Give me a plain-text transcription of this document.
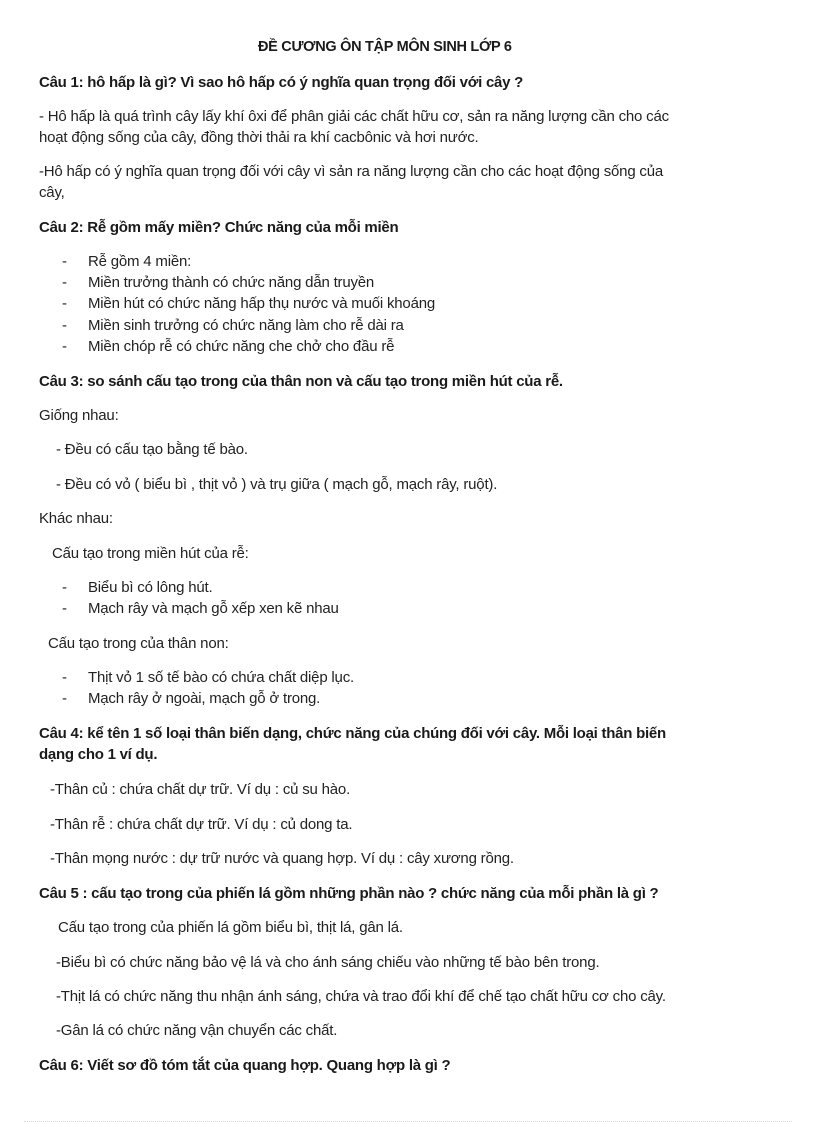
ĐỀ CƯƠNG ÔN TẬP MÔN SINH LỚP 6
Câu 1: hô hấp là gì? Vì sao hô hấp có ý nghĩa quan trọng đối với cây ?
- Hô hấp là quá trình cây lấy khí ôxi để phân giải các chất hữu cơ, sản ra năng lượng cần cho các
hoạt động sống của cây, đồng thời thải ra khí cacbônic và hơi nước.
-Hô hấp có ý nghĩa quan trọng đối với cây vì sản ra năng lượng cần cho các hoạt động sống của
cây,
Câu 2: Rễ gồm mấy miền? Chức năng của mỗi miền
- Rễ gồm 4 miền:
- Miền trưởng thành có chức năng dẫn truyền
- Miền hút có chức năng hấp thụ nước và muối khoáng
- Miền sinh trưởng có chức năng làm cho rễ dài ra
- Miền chóp rễ có chức năng che chở cho đầu rễ
Câu 3: so sánh cấu tạo trong của thân non và cấu tạo trong miền hút của rễ.
Giống nhau:
- Đều có cấu tạo bằng tế bào.
- Đều có vỏ ( biểu bì , thịt vỏ ) và trụ giữa ( mạch gỗ, mạch rây, ruột).
Khác nhau:
Cấu tạo trong miền hút của rễ:
- Biểu bì có lông hút.
- Mạch rây và mạch gỗ xếp xen kẽ nhau
Cấu tạo trong của thân non:
- Thịt vỏ 1 số tế bào có chứa chất diệp lục.
- Mạch rây ở ngoài, mạch gỗ ở trong.
Câu 4: kể tên 1 số loại thân biến dạng, chức năng của chúng đối với cây. Mỗi loại thân biến
dạng cho 1 ví dụ.
-Thân củ : chứa chất dự trữ. Ví dụ : củ su hào.
-Thân rễ : chứa chất dự trữ. Ví dụ : củ dong ta.
-Thân mọng nước : dự trữ nước và quang hợp. Ví dụ : cây xương rồng.
Câu 5 : cấu tạo trong của phiến lá gồm những phần nào ? chức năng của mỗi phần là gì ?
Cấu tạo trong của phiến lá gồm biểu bì, thịt lá, gân lá.
-Biểu bì có chức năng bảo vệ lá và cho ánh sáng chiếu vào những tế bào bên trong.
-Thịt lá có chức năng thu nhận ánh sáng, chứa và trao đổi khí để chế tạo chất hữu cơ cho cây.
-Gân lá có chức năng vận chuyển các chất.
Câu 6: Viết sơ đồ tóm tắt của quang hợp. Quang hợp là gì ?
